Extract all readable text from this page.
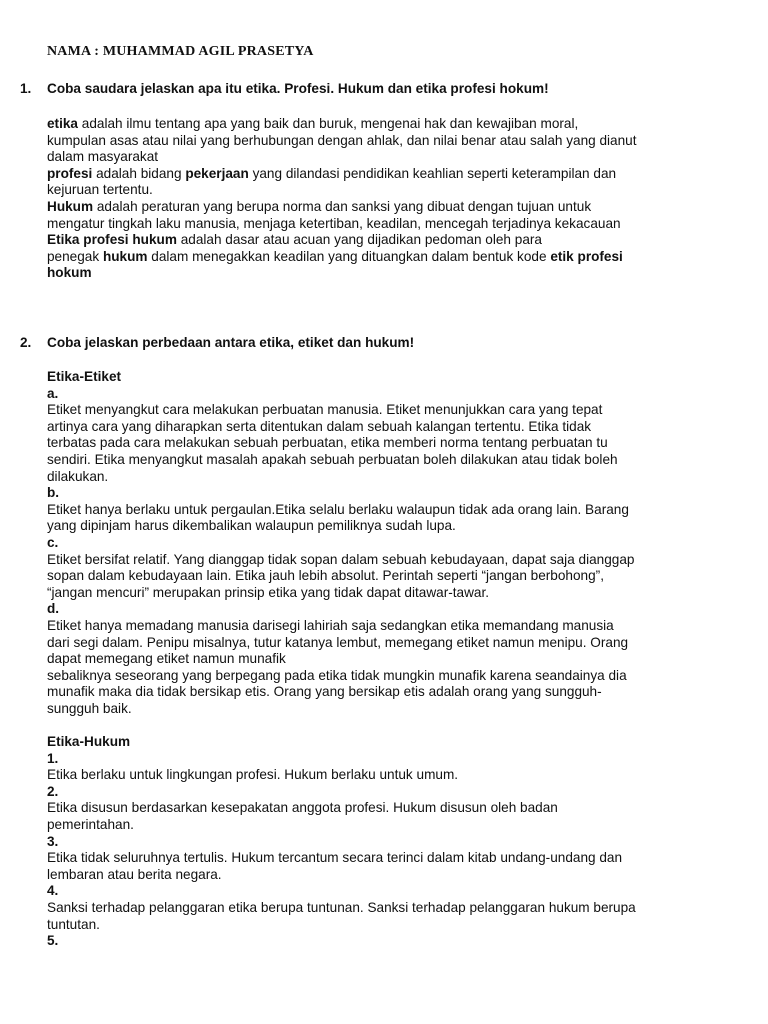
NAMA : MUHAMMAD AGIL PRASETYA
1. Coba saudara jelaskan apa itu etika. Profesi. Hukum dan etika profesi hokum!
etika adalah ilmu tentang apa yang baik dan buruk, mengenai hak dan kewajiban moral,
kumpulan asas atau nilai yang berhubungan dengan ahlak, dan nilai benar atau salah yang dianut
dalam masyarakat
profesi adalah bidang pekerjaan yang dilandasi pendidikan keahlian seperti keterampilan dan
kejuruan tertentu.
Hukum adalah peraturan yang berupa norma dan sanksi yang dibuat dengan tujuan untuk
mengatur tingkah laku manusia, menjaga ketertiban, keadilan, mencegah terjadinya kekacauan
Etika profesi hukum adalah dasar atau acuan yang dijadikan pedoman oleh para
penegak hukum dalam menegakkan keadilan yang dituangkan dalam bentuk kode etik profesi
hokum
2. Coba jelaskan perbedaan antara etika, etiket dan hukum!
Etika-Etiket
a.
Etiket menyangkut cara melakukan perbuatan manusia. Etiket menunjukkan cara yang tepat
artinya cara yang diharapkan serta ditentukan dalam sebuah kalangan tertentu. Etika tidak
terbatas pada cara melakukan sebuah perbuatan, etika memberi norma tentang perbuatan tu
sendiri. Etika menyangkut masalah apakah sebuah perbuatan boleh dilakukan atau tidak boleh
dilakukan.
b.
Etiket hanya berlaku untuk pergaulan.Etika selalu berlaku walaupun tidak ada orang lain. Barang
yang dipinjam harus dikembalikan walaupun pemiliknya sudah lupa.
c.
Etiket bersifat relatif. Yang dianggap tidak sopan dalam sebuah kebudayaan, dapat saja dianggap
sopan dalam kebudayaan lain. Etika jauh lebih absolut. Perintah seperti “jangan berbohong”,
“jangan mencuri” merupakan prinsip etika yang tidak dapat ditawar-tawar.
d.
Etiket hanya memadang manusia darisegi lahiriah saja sedangkan etika memandang manusia
dari segi dalam. Penipu misalnya, tutur katanya lembut, memegang etiket namun menipu. Orang
dapat memegang etiket namun munafik
sebaliknya seseorang yang berpegang pada etika tidak mungkin munafik karena seandainya dia
munafik maka dia tidak bersikap etis. Orang yang bersikap etis adalah orang yang sungguh-
sungguh baik.

Etika-Hukum
1.
Etika berlaku untuk lingkungan profesi. Hukum berlaku untuk umum.
2.
Etika disusun berdasarkan kesepakatan anggota profesi. Hukum disusun oleh badan
pemerintahan.
3.
Etika tidak seluruhnya tertulis. Hukum tercantum secara terinci dalam kitab undang-undang dan
lembaran atau berita negara.
4.
Sanksi terhadap pelanggaran etika berupa tuntunan. Sanksi terhadap pelanggaran hukum berupa
tuntutan.
5.
